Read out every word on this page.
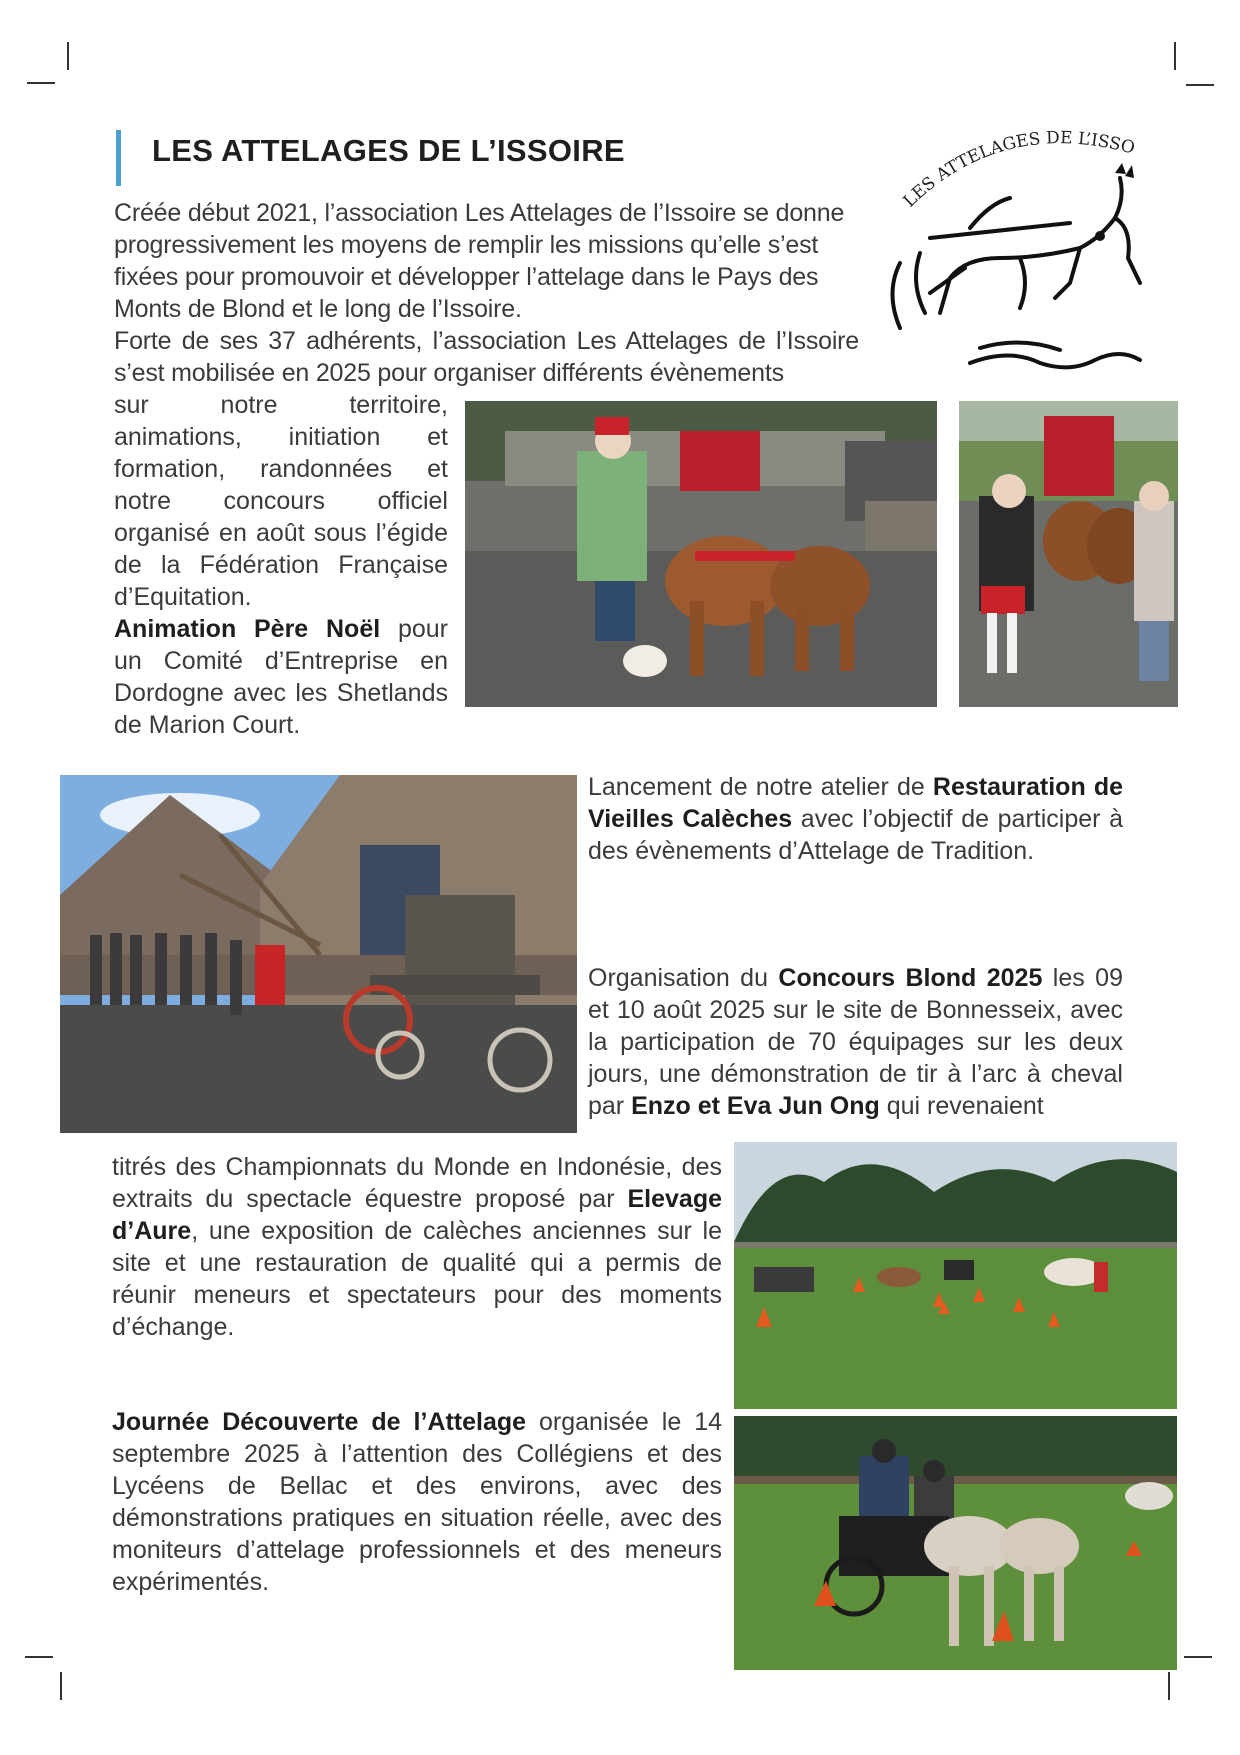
LES ATTELAGES DE L’ISSOIRE
LES ATTELAGES DE L’ISSO

Créée début 2021, l’association Les Attelages de l’Issoire se donne progressivement les moyens de remplir les missions qu’elle s’est fixées pour promouvoir et développer l’attelage dans le Pays des Monts de Blond et le long de l’Issoire.

Forte de ses 37 adhérents, l’association Les Attelages de l’Issoire s’est mobilisée en 2025 pour organiser différents évènements

sur notre territoire, animations, initiation et formation, randonnées et notre concours officiel organisé en août sous l’égide de la Fédération Française d’Equitation.

Animation Père Noël pour un Comité d’Entreprise en Dordogne avec les Shetlands de Marion Court.

Lancement de notre atelier de Restauration de Vieilles Calèches avec l’objectif de participer à des évènements d’Attelage de Tradition.

Organisation du Concours Blond 2025 les 09 et 10 août 2025 sur le site de Bonnesseix, avec la participation de 70 équipages sur les deux jours, une démonstration de tir à l’arc à cheval par Enzo et Eva Jun Ong qui revenaient

titrés des Championnats du Monde en Indonésie, des extraits du spectacle équestre proposé par Elevage d’Aure, une exposition de calèches anciennes sur le site et une restauration de qualité qui a permis de réunir meneurs et spectateurs pour des moments d’échange.

Journée Découverte de l’Attelage organisée le 14 septembre 2025 à l’attention des Collégiens et des Lycéens de Bellac et des environs, avec des démonstrations pratiques en situation réelle, avec des moniteurs d’attelage professionnels et des meneurs expérimentés.
